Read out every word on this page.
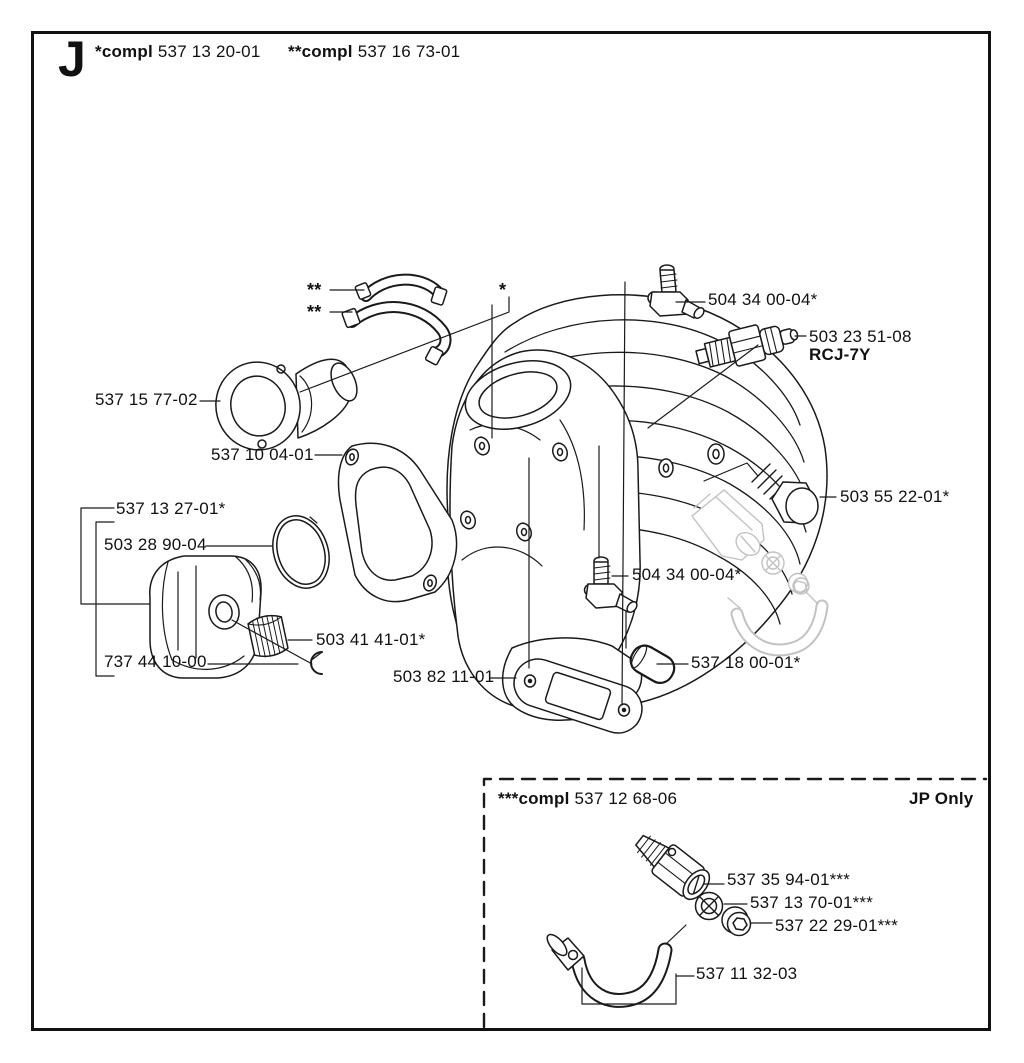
J *compl 537 13 20-01 **compl 537 16 73-01
**
**
*	504 34 00-04*
503 23 51-08
RCJ-7Y
537 15 77-02
537 10 04-01
537 13 27-01*
503 28 90-04
503 55 22-01*
504 34 00-04*
503 41 41-01*
737 44 10-00	537 18 00-01*
503 82 11-01
***compl 537 12 68-06	JP Only
537 35 94-01***
537 13 70-01***
537 22 29-01***
537 11 32-03
